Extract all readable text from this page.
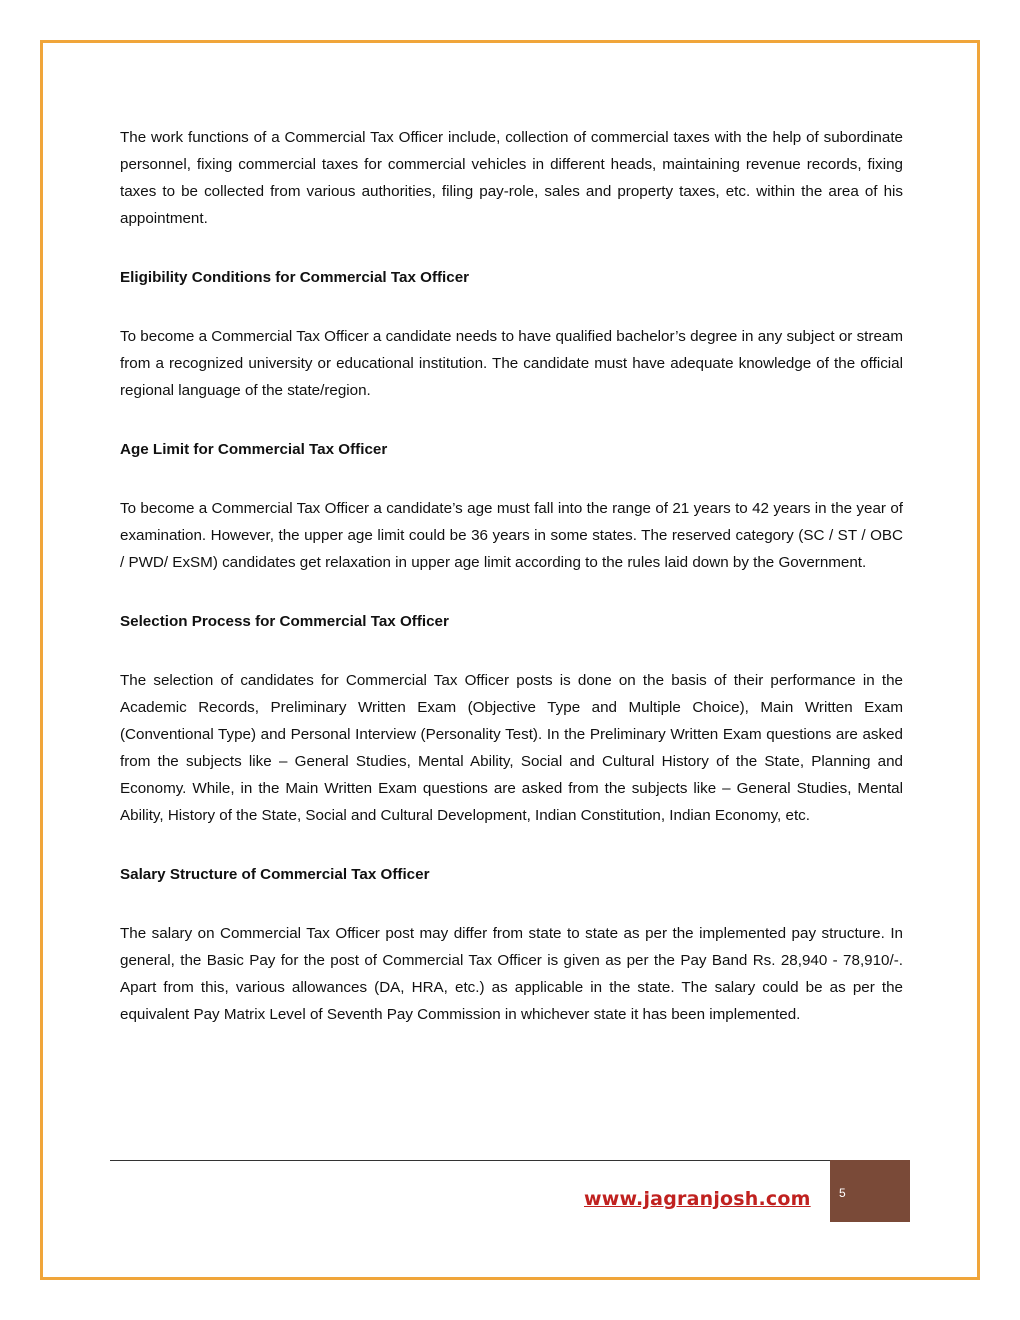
The work functions of a Commercial Tax Officer include, collection of commercial taxes with the help of subordinate personnel, fixing commercial taxes for commercial vehicles in different heads, maintaining revenue records, fixing taxes to be collected from various authorities, filing pay-role, sales and property taxes, etc. within the area of his appointment.

Eligibility Conditions for Commercial Tax Officer

To become a Commercial Tax Officer a candidate needs to have qualified bachelor’s degree in any subject or stream from a recognized university or educational institution. The candidate must have adequate knowledge of the official regional language of the state/region.

Age Limit for Commercial Tax Officer

To become a Commercial Tax Officer a candidate’s age must fall into the range of 21 years to 42 years in the year of examination. However, the upper age limit could be 36 years in some states. The reserved category (SC / ST / OBC / PWD/ ExSM) candidates get relaxation in upper age limit according to the rules laid down by the Government.

Selection Process for Commercial Tax Officer

The selection of candidates for Commercial Tax Officer posts is done on the basis of their performance in the Academic Records, Preliminary Written Exam (Objective Type and Multiple Choice), Main Written Exam (Conventional Type) and Personal Interview (Personality Test). In the Preliminary Written Exam questions are asked from the subjects like – General Studies, Mental Ability, Social and Cultural History of the State, Planning and Economy. While, in the Main Written Exam questions are asked from the subjects like – General Studies, Mental Ability, History of the State, Social and Cultural Development, Indian Constitution, Indian Economy, etc.

Salary Structure of Commercial Tax Officer

The salary on Commercial Tax Officer post may differ from state to state as per the implemented pay structure. In general, the Basic Pay for the post of Commercial Tax Officer is given as per the Pay Band Rs. 28,940 - 78,910/-. Apart from this, various allowances (DA, HRA, etc.) as applicable in the state. The salary could be as per the equivalent Pay Matrix Level of Seventh Pay Commission in whichever state it has been implemented.

www.jagranjosh.com 5
